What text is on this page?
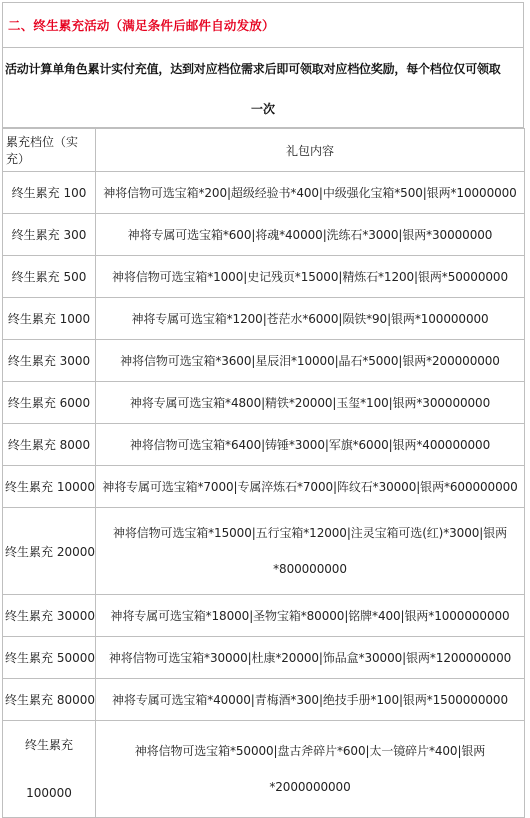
二、终生累充活动（满足条件后邮件自动发放）
活动计算单角色累计实付充值，达到对应档位需求后即可领取对应档位奖励，每个档位仅可领取
一次
累充档位（实充）	礼包内容
终生累充 100	神将信物可选宝箱*200|超级经验书*400|中级强化宝箱*500|银两*10000000
终生累充 300	神将专属可选宝箱*600|将魂*40000|洗练石*3000|银两*30000000
终生累充 500	神将信物可选宝箱*1000|史记残页*15000|精炼石*1200|银两*50000000
终生累充 1000	神将专属可选宝箱*1200|苍茫水*6000|陨铁*90|银两*100000000
终生累充 3000	神将信物可选宝箱*3600|星辰泪*10000|晶石*5000|银两*200000000
终生累充 6000	神将专属可选宝箱*4800|精铁*20000|玉玺*100|银两*300000000
终生累充 8000	神将信物可选宝箱*6400|铸锤*3000|军旗*6000|银两*400000000
终生累充 10000	神将专属可选宝箱*7000|专属淬炼石*7000|阵纹石*30000|银两*600000000
终生累充 20000	神将信物可选宝箱*15000|五行宝箱*12000|注灵宝箱可选(红)*3000|银两*800000000
终生累充 30000	神将专属可选宝箱*18000|圣物宝箱*80000|铭牌*400|银两*1000000000
终生累充 50000	神将信物可选宝箱*30000|杜康*20000|饰品盒*30000|银两*1200000000
终生累充 80000	神将专属可选宝箱*40000|青梅酒*300|绝技手册*100|银两*1500000000
终生累充 100000	神将信物可选宝箱*50000|盘古斧碎片*600|太一镜碎片*400|银两*2000000000
